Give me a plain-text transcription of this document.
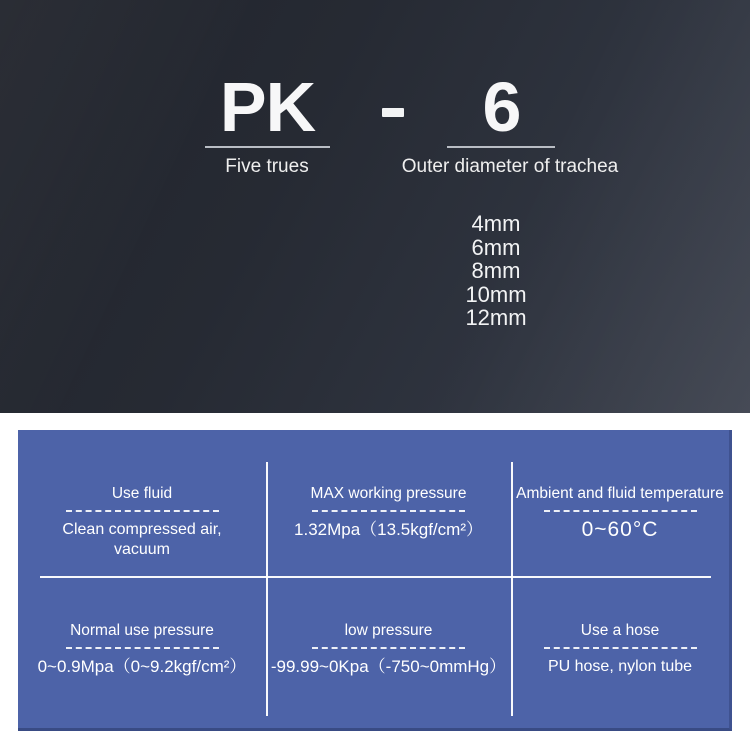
PK	6
Five trues	Outer diameter of trachea
4mm
6mm
8mm
10mm
12mm
Use fluid
Clean compressed air, vacuum
MAX working pressure
1.32Mpa（13.5kgf/cm²）
Ambient and fluid temperature
0~60°C
Normal use pressure
0~0.9Mpa（0~9.2kgf/cm²）
low pressure
-99.99~0Kpa（-750~0mmHg）
Use a hose
PU hose, nylon tube
